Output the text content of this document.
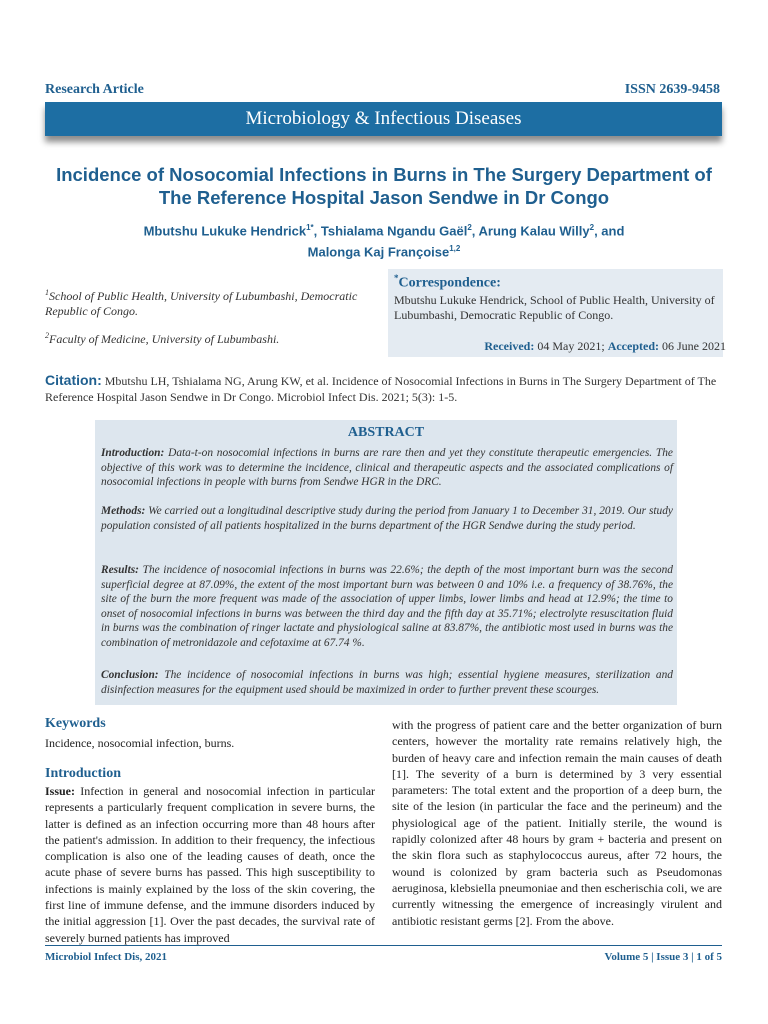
Research Article	ISSN 2639-9458
Microbiology & Infectious Diseases
Incidence of Nosocomial Infections in Burns in The Surgery Department of The Reference Hospital Jason Sendwe in Dr Congo
Mbutshu Lukuke Hendrick$^{1*}$, Tshialama Ngandu Gaël$^2$, Arung Kalau Willy$^2$, and
Malonga Kaj Françoise$^{1,2}$
$^1$School of Public Health, University of Lubumbashi, Democratic Republic of Congo.
$^2$Faculty of Medicine, University of Lubumbashi.
*Correspondence:
Mbutshu Lukuke Hendrick, School of Public Health, University of Lubumbashi, Democratic Republic of Congo.
Received: 04 May 2021; Accepted: 06 June 2021
Citation: Mbutshu LH, Tshialama NG, Arung KW, et al. Incidence of Nosocomial Infections in Burns in The Surgery Department of The Reference Hospital Jason Sendwe in Dr Congo. Microbiol Infect Dis. 2021; 5(3): 1-5.
ABSTRACT
Introduction: Data-t-on nosocomial infections in burns are rare then and yet they constitute therapeutic emergencies. The objective of this work was to determine the incidence, clinical and therapeutic aspects and the associated complications of nosocomial infections in people with burns from Sendwe HGR in the DRC.
Methods: We carried out a longitudinal descriptive study during the period from January 1 to December 31, 2019. Our study population consisted of all patients hospitalized in the burns department of the HGR Sendwe during the study period.
Results: The incidence of nosocomial infections in burns was 22.6%; the depth of the most important burn was the second superficial degree at 87.09%, the extent of the most important burn was between 0 and 10% i.e. a frequency of 38.76%, the site of the burn the more frequent was made of the association of upper limbs, lower limbs and head at 12.9%; the time to onset of nosocomial infections in burns was between the third day and the fifth day at 35.71%; electrolyte resuscitation fluid in burns was the combination of ringer lactate and physiological saline at 83.87%, the antibiotic most used in burns was the combination of metronidazole and cefotaxime at 67.74 %.
Conclusion: The incidence of nosocomial infections in burns was high; essential hygiene measures, sterilization and disinfection measures for the equipment used should be maximized in order to further prevent these scourges.
Keywords
Incidence, nosocomial infection, burns.
Introduction
Issue: Infection in general and nosocomial infection in particular represents a particularly frequent complication in severe burns, the latter is defined as an infection occurring more than 48 hours after the patient's admission. In addition to their frequency, the infectious complication is also one of the leading causes of death, once the acute phase of severe burns has passed. This high susceptibility to infections is mainly explained by the loss of the skin covering, the first line of immune defense, and the immune disorders induced by the initial aggression [1]. Over the past decades, the survival rate of severely burned patients has improved
with the progress of patient care and the better organization of burn centers, however the mortality rate remains relatively high, the burden of heavy care and infection remain the main causes of death [1]. The severity of a burn is determined by 3 very essential parameters: The total extent and the proportion of a deep burn, the site of the lesion (in particular the face and the perineum) and the physiological age of the patient. Initially sterile, the wound is rapidly colonized after 48 hours by gram + bacteria and present on the skin flora such as staphylococcus aureus, after 72 hours, the wound is colonized by gram bacteria such as Pseudomonas aeruginosa, klebsiella pneumoniae and then escherischia coli, we are currently witnessing the emergence of increasingly virulent and antibiotic resistant germs [2]. From the above.
Microbiol Infect Dis, 2021	Volume 5 | Issue 3 | 1 of 5
